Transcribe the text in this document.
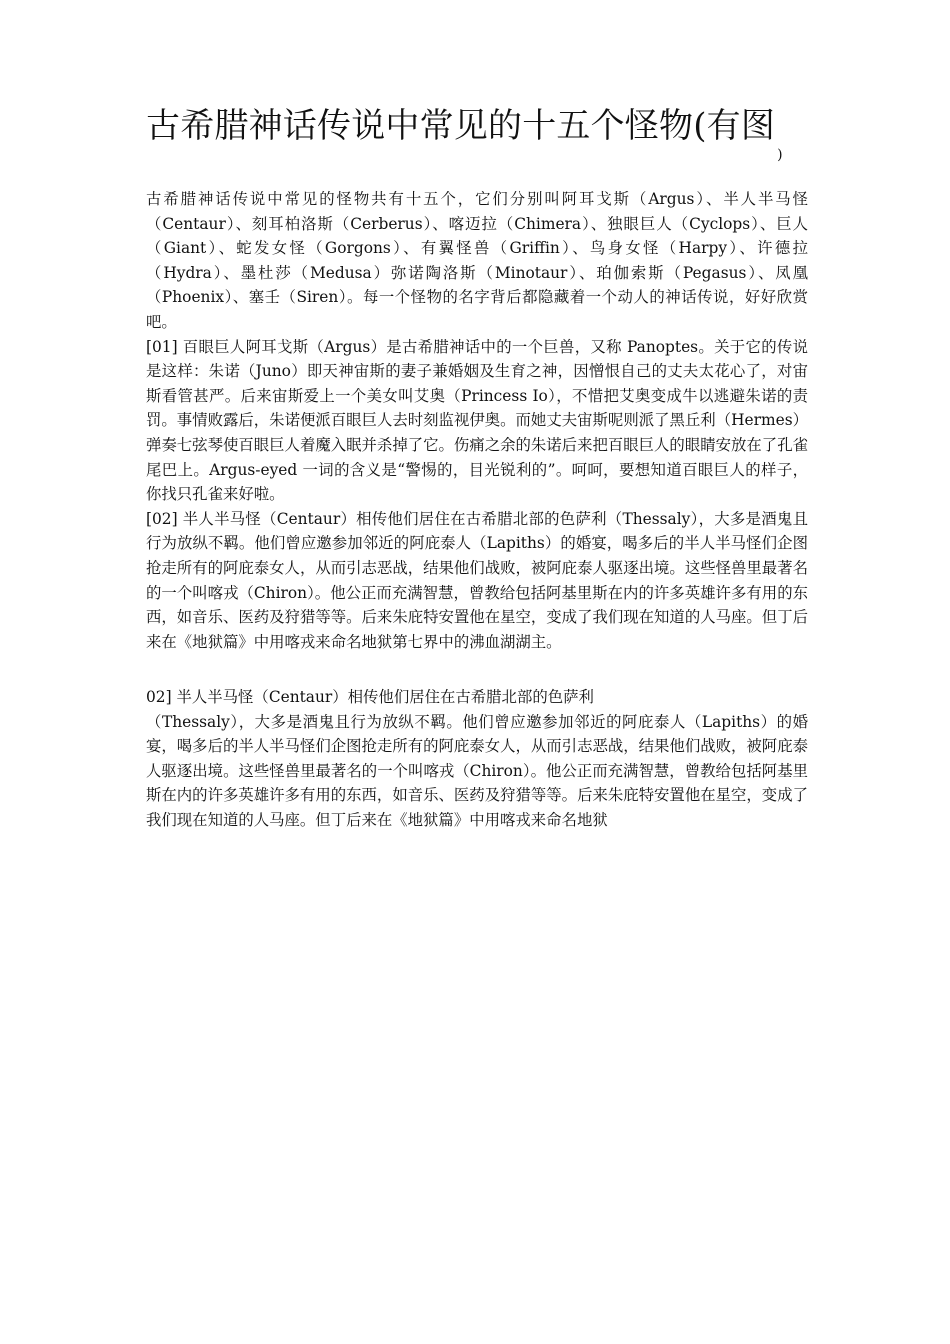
古希腊神话传说中常见的十五个怪物(有图$_)$

古希腊神话传说中常见的怪物共有十五个，它们分别叫阿耳戈斯（Argus）、半人半马怪（Centaur）、刻耳柏洛斯（Cerberus）、喀迈拉（Chimera）、独眼巨人（Cyclops）、巨人（Giant）、蛇发女怪（Gorgons）、有翼怪兽（Griffin）、鸟身女怪（Harpy）、许德拉（Hydra）、墨杜莎（Medusa）弥诺陶洛斯（Minotaur）、珀伽索斯（Pegasus）、凤凰（Phoenix）、塞壬（Siren）。每一个怪物的名字背后都隐藏着一个动人的神话传说，好好欣赏吧。

[01] 百眼巨人阿耳戈斯（Argus）是古希腊神话中的一个巨兽，又称 Panoptes。关于它的传说是这样：朱诺（Juno）即天神宙斯的妻子兼婚姻及生育之神，因憎恨自己的丈夫太花心了，对宙斯看管甚严。后来宙斯爱上一个美女叫艾奥（Princess Io），不惜把艾奥变成牛以逃避朱诺的责罚。事情败露后，朱诺便派百眼巨人去时刻监视伊奥。而她丈夫宙斯呢则派了黑丘利（Hermes）弹奏七弦琴使百眼巨人着魔入眠并杀掉了它。伤痛之余的朱诺后来把百眼巨人的眼睛安放在了孔雀尾巴上。Argus-eyed 一词的含义是“警惕的，目光锐利的”。呵呵，要想知道百眼巨人的样子，你找只孔雀来好啦。

[02] 半人半马怪（Centaur）相传他们居住在古希腊北部的色萨利（Thessaly），大多是酒鬼且行为放纵不羁。他们曾应邀参加邻近的阿庇泰人（Lapiths）的婚宴，喝多后的半人半马怪们企图抢走所有的阿庇泰女人，从而引志恶战，结果他们战败，被阿庇泰人驱逐出境。这些怪兽里最著名的一个叫喀戎（Chiron）。他公正而充满智慧，曾教给包括阿基里斯在内的许多英雄许多有用的东西，如音乐、医药及狩猎等等。后来朱庇特安置他在星空，变成了我们现在知道的人马座。但丁后来在《地狱篇》中用喀戎来命名地狱第七界中的沸血湖湖主。

02] 半人半马怪（Centaur）相传他们居住在古希腊北部的色萨利

（Thessaly），大多是酒鬼且行为放纵不羁。他们曾应邀参加邻近的阿庇泰人（Lapiths）的婚宴，喝多后的半人半马怪们企图抢走所有的阿庇泰女人，从而引志恶战，结果他们战败，被阿庇泰人驱逐出境。这些怪兽里最著名的一个叫喀戎（Chiron）。他公正而充满智慧，曾教给包括阿基里斯在内的许多英雄许多有用的东西，如音乐、医药及狩猎等等。后来朱庇特安置他在星空，变成了我们现在知道的人马座。但丁后来在《地狱篇》中用喀戎来命名地狱
